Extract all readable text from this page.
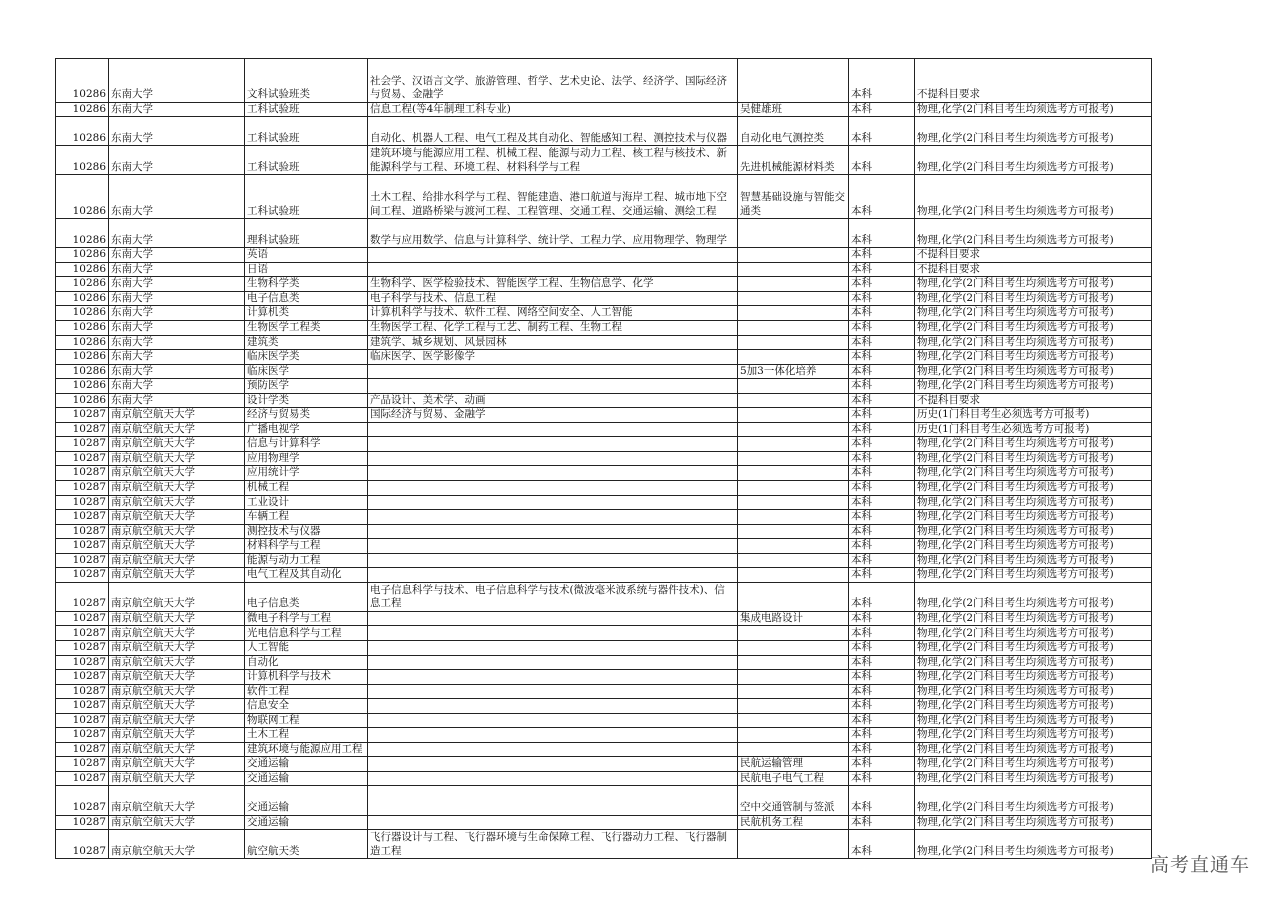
10286	东南大学	文科试验班类	社会学、汉语言文学、旅游管理、哲学、艺术史论、法学、经济学、国际经济与贸易、金融学		本科	不提科目要求
10286	东南大学	工科试验班	信息工程(等4年制理工科专业)	吴健雄班	本科	物理,化学(2门科目考生均须选考方可报考)
10286	东南大学	工科试验班	自动化、机器人工程、电气工程及其自动化、智能感知工程、测控技术与仪器	自动化电气测控类	本科	物理,化学(2门科目考生均须选考方可报考)
10286	东南大学	工科试验班	建筑环境与能源应用工程、机械工程、能源与动力工程、核工程与核技术、新能源科学与工程、环境工程、材料科学与工程	先进机械能源材料类	本科	物理,化学(2门科目考生均须选考方可报考)
10286	东南大学	工科试验班	土木工程、给排水科学与工程、智能建造、港口航道与海岸工程、城市地下空间工程、道路桥梁与渡河工程、工程管理、交通工程、交通运输、测绘工程	智慧基础设施与智能交通类	本科	物理,化学(2门科目考生均须选考方可报考)
10286	东南大学	理科试验班	数学与应用数学、信息与计算科学、统计学、工程力学、应用物理学、物理学		本科	物理,化学(2门科目考生均须选考方可报考)
10286	东南大学	英语			本科	不提科目要求
10286	东南大学	日语			本科	不提科目要求
10286	东南大学	生物科学类	生物科学、医学检验技术、智能医学工程、生物信息学、化学		本科	物理,化学(2门科目考生均须选考方可报考)
10286	东南大学	电子信息类	电子科学与技术、信息工程		本科	物理,化学(2门科目考生均须选考方可报考)
10286	东南大学	计算机类	计算机科学与技术、软件工程、网络空间安全、人工智能		本科	物理,化学(2门科目考生均须选考方可报考)
10286	东南大学	生物医学工程类	生物医学工程、化学工程与工艺、制药工程、生物工程		本科	物理,化学(2门科目考生均须选考方可报考)
10286	东南大学	建筑类	建筑学、城乡规划、风景园林		本科	物理,化学(2门科目考生均须选考方可报考)
10286	东南大学	临床医学类	临床医学、医学影像学		本科	物理,化学(2门科目考生均须选考方可报考)
10286	东南大学	临床医学		5加3一体化培养	本科	物理,化学(2门科目考生均须选考方可报考)
10286	东南大学	预防医学			本科	物理,化学(2门科目考生均须选考方可报考)
10286	东南大学	设计学类	产品设计、美术学、动画		本科	不提科目要求
10287	南京航空航天大学	经济与贸易类	国际经济与贸易、金融学		本科	历史(1门科目考生必须选考方可报考)
10287	南京航空航天大学	广播电视学			本科	历史(1门科目考生必须选考方可报考)
10287	南京航空航天大学	信息与计算科学			本科	物理,化学(2门科目考生均须选考方可报考)
10287	南京航空航天大学	应用物理学			本科	物理,化学(2门科目考生均须选考方可报考)
10287	南京航空航天大学	应用统计学			本科	物理,化学(2门科目考生均须选考方可报考)
10287	南京航空航天大学	机械工程			本科	物理,化学(2门科目考生均须选考方可报考)
10287	南京航空航天大学	工业设计			本科	物理,化学(2门科目考生均须选考方可报考)
10287	南京航空航天大学	车辆工程			本科	物理,化学(2门科目考生均须选考方可报考)
10287	南京航空航天大学	测控技术与仪器			本科	物理,化学(2门科目考生均须选考方可报考)
10287	南京航空航天大学	材料科学与工程			本科	物理,化学(2门科目考生均须选考方可报考)
10287	南京航空航天大学	能源与动力工程			本科	物理,化学(2门科目考生均须选考方可报考)
10287	南京航空航天大学	电气工程及其自动化			本科	物理,化学(2门科目考生均须选考方可报考)
10287	南京航空航天大学	电子信息类	电子信息科学与技术、电子信息科学与技术(微波毫米波系统与器件技术)、信息工程		本科	物理,化学(2门科目考生均须选考方可报考)
10287	南京航空航天大学	微电子科学与工程		集成电路设计	本科	物理,化学(2门科目考生均须选考方可报考)
10287	南京航空航天大学	光电信息科学与工程			本科	物理,化学(2门科目考生均须选考方可报考)
10287	南京航空航天大学	人工智能			本科	物理,化学(2门科目考生均须选考方可报考)
10287	南京航空航天大学	自动化			本科	物理,化学(2门科目考生均须选考方可报考)
10287	南京航空航天大学	计算机科学与技术			本科	物理,化学(2门科目考生均须选考方可报考)
10287	南京航空航天大学	软件工程			本科	物理,化学(2门科目考生均须选考方可报考)
10287	南京航空航天大学	信息安全			本科	物理,化学(2门科目考生均须选考方可报考)
10287	南京航空航天大学	物联网工程			本科	物理,化学(2门科目考生均须选考方可报考)
10287	南京航空航天大学	土木工程			本科	物理,化学(2门科目考生均须选考方可报考)
10287	南京航空航天大学	建筑环境与能源应用工程			本科	物理,化学(2门科目考生均须选考方可报考)
10287	南京航空航天大学	交通运输		民航运输管理	本科	物理,化学(2门科目考生均须选考方可报考)
10287	南京航空航天大学	交通运输		民航电子电气工程	本科	物理,化学(2门科目考生均须选考方可报考)
10287	南京航空航天大学	交通运输		空中交通管制与签派	本科	物理,化学(2门科目考生均须选考方可报考)
10287	南京航空航天大学	交通运输		民航机务工程	本科	物理,化学(2门科目考生均须选考方可报考)
10287	南京航空航天大学	航空航天类	飞行器设计与工程、飞行器环境与生命保障工程、飞行器动力工程、飞行器制造工程		本科	物理,化学(2门科目考生均须选考方可报考)
高考直通车
